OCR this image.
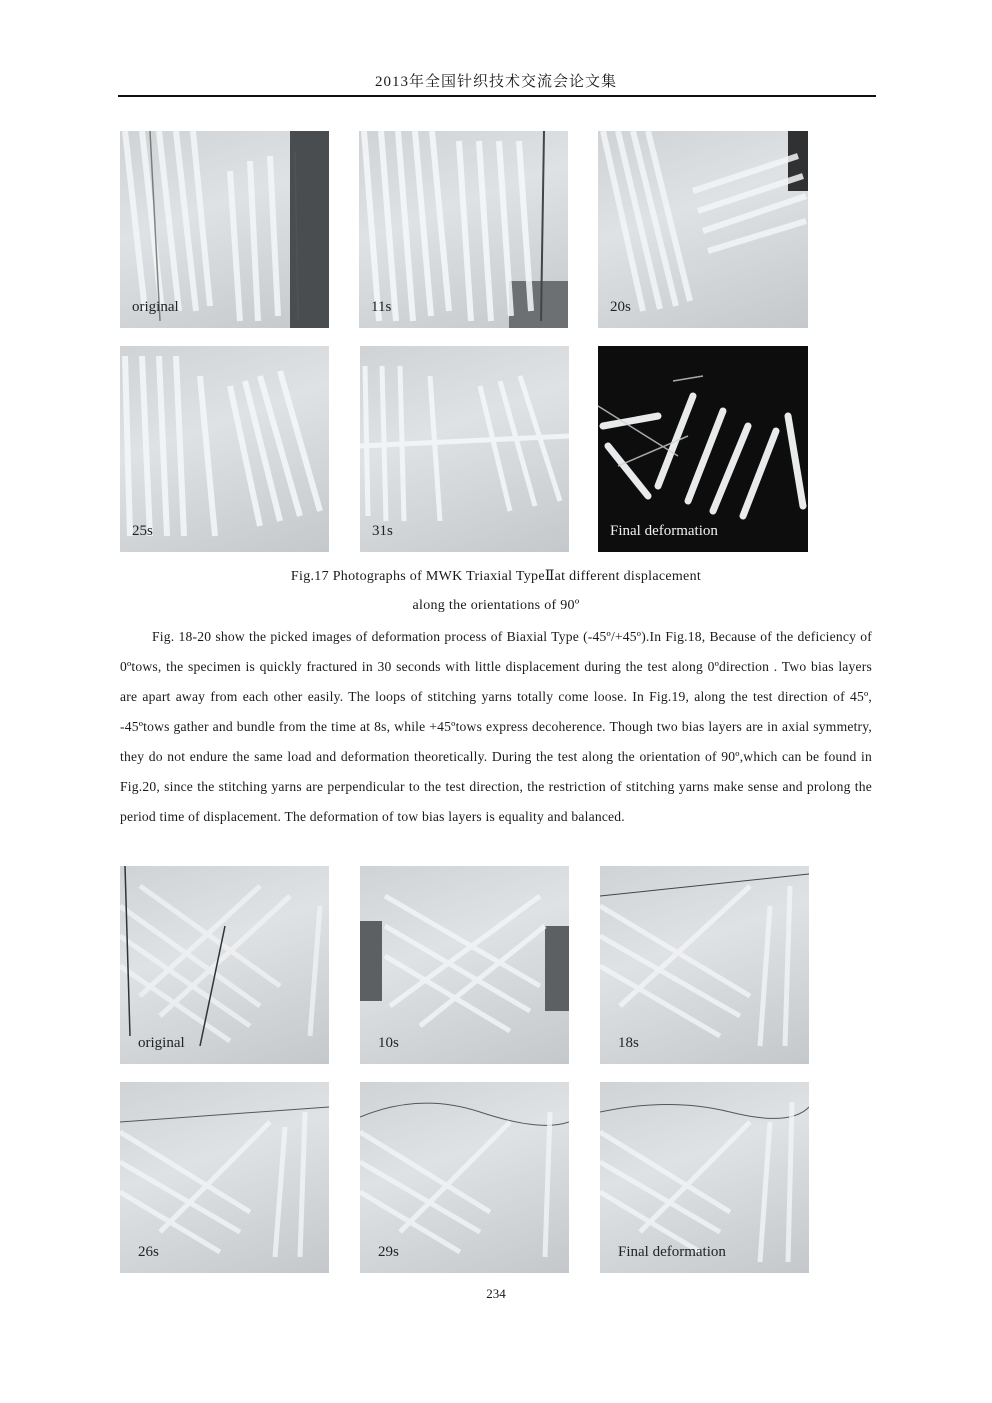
2013年全国针织技术交流会论文集
original	11s	20s
25s	31s	Final deformation
Fig.17 Photographs of MWK Triaxial TypeⅡat different displacement
along the orientations of 90º

Fig. 18-20 show the picked images of deformation process of Biaxial Type (-45º/+45º).In Fig.18, Because of the deficiency of 0ºtows, the specimen is quickly fractured in 30 seconds with little displacement during the test along 0ºdirection . Two bias layers are apart away from each other easily. The loops of stitching yarns totally come loose. In Fig.19, along the test direction of 45º, -45ºtows gather and bundle from the time at 8s, while +45ºtows express decoherence. Though two bias layers are in axial symmetry, they do not endure the same load and deformation theoretically. During the test along the orientation of 90º,which can be found in Fig.20, since the stitching yarns are perpendicular to the test direction, the restriction of stitching yarns make sense and prolong the period time of displacement. The deformation of tow bias layers is equality and balanced.

original	10s	18s
26s	29s	Final deformation
234
